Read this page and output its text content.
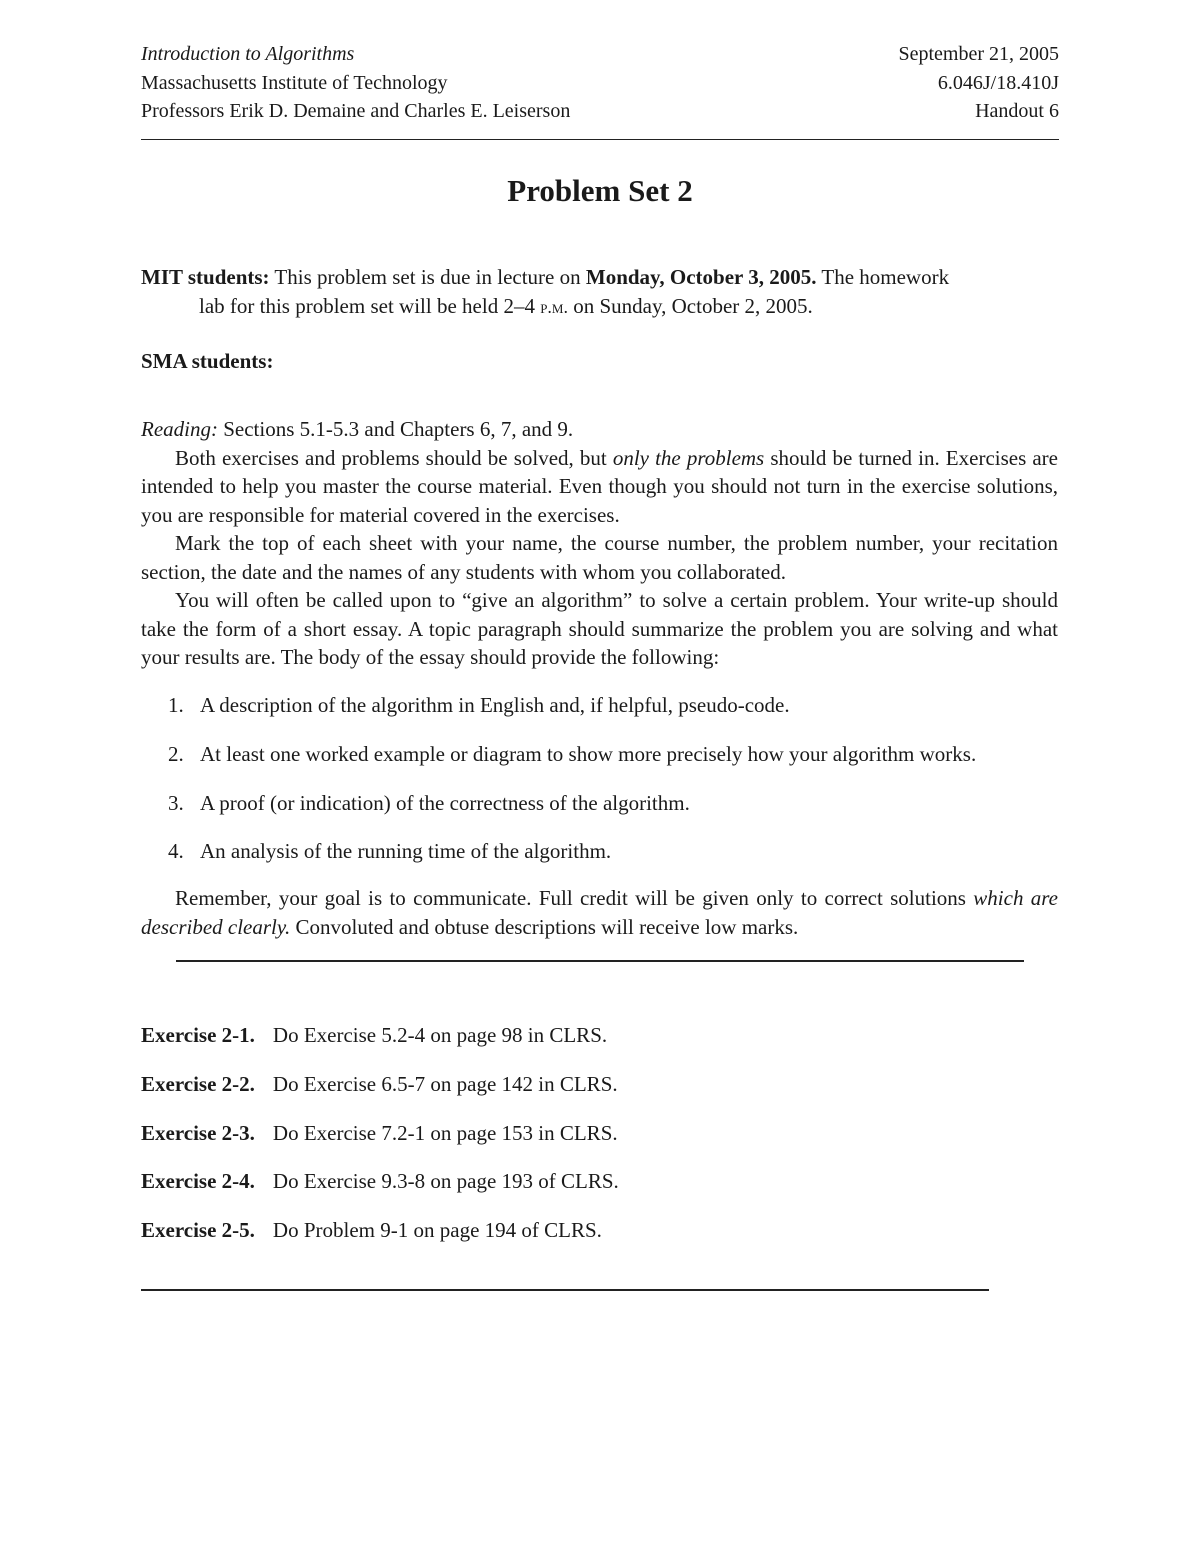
Introduction to Algorithms	September 21, 2005
Massachusetts Institute of Technology	6.046J/18.410J
Professors Erik D. Demaine and Charles E. Leiserson	Handout 6
Problem Set 2
MIT students: This problem set is due in lecture on Monday, October 3, 2005. The homework
lab for this problem set will be held 2–4 p.m. on Sunday, October 2, 2005.
SMA students:
Reading: Sections 5.1-5.3 and Chapters 6, 7, and 9.
Both exercises and problems should be solved, but only the problems should be turned in. Exercises are intended to help you master the course material. Even though you should not turn in the exercise solutions, you are responsible for material covered in the exercises.
Mark the top of each sheet with your name, the course number, the problem number, your recitation section, the date and the names of any students with whom you collaborated.
You will often be called upon to “give an algorithm” to solve a certain problem. Your write-up should take the form of a short essay. A topic paragraph should summarize the problem you are solving and what your results are. The body of the essay should provide the following:
1. A description of the algorithm in English and, if helpful, pseudo-code.
2. At least one worked example or diagram to show more precisely how your algorithm works.
3. A proof (or indication) of the correctness of the algorithm.
4. An analysis of the running time of the algorithm.
Remember, your goal is to communicate. Full credit will be given only to correct solutions which are described clearly. Convoluted and obtuse descriptions will receive low marks.
Exercise 2-1. Do Exercise 5.2-4 on page 98 in CLRS.
Exercise 2-2. Do Exercise 6.5-7 on page 142 in CLRS.
Exercise 2-3. Do Exercise 7.2-1 on page 153 in CLRS.
Exercise 2-4. Do Exercise 9.3-8 on page 193 of CLRS.
Exercise 2-5. Do Problem 9-1 on page 194 of CLRS.
